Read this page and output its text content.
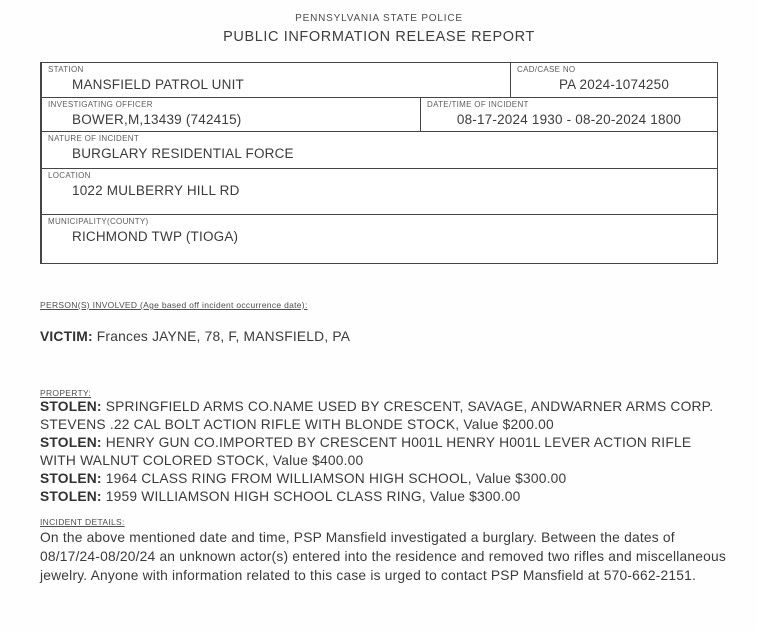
PENNSYLVANIA STATE POLICE
PUBLIC INFORMATION RELEASE REPORT
STATION
MANSFIELD PATROL UNIT
CAD/CASE NO
PA 2024-1074250
INVESTIGATING OFFICER
BOWER,M,13439 (742415)
DATE/TIME OF INCIDENT
08-17-2024 1930 - 08-20-2024 1800
NATURE OF INCIDENT
BURGLARY RESIDENTIAL FORCE
LOCATION
1022 MULBERRY HILL RD
MUNICIPALITY(COUNTY)
RICHMOND TWP (TIOGA)
PERSON(S) INVOLVED (Age based off incident occurrence date):
VICTIM: Frances JAYNE, 78, F, MANSFIELD, PA
PROPERTY:
STOLEN: SPRINGFIELD ARMS CO.NAME USED BY CRESCENT, SAVAGE, ANDWARNER ARMS CORP. STEVENS .22 CAL BOLT ACTION RIFLE WITH BLONDE STOCK, Value $200.00
STOLEN: HENRY GUN CO.IMPORTED BY CRESCENT H001L HENRY H001L LEVER ACTION RIFLE WITH WALNUT COLORED STOCK, Value $400.00
STOLEN: 1964 CLASS RING FROM WILLIAMSON HIGH SCHOOL, Value $300.00
STOLEN: 1959 WILLIAMSON HIGH SCHOOL CLASS RING, Value $300.00
INCIDENT DETAILS:
On the above mentioned date and time, PSP Mansfield investigated a burglary. Between the dates of 08/17/24-08/20/24 an unknown actor(s) entered into the residence and removed two rifles and miscellaneous jewelry. Anyone with information related to this case is urged to contact PSP Mansfield at 570-662-2151.
